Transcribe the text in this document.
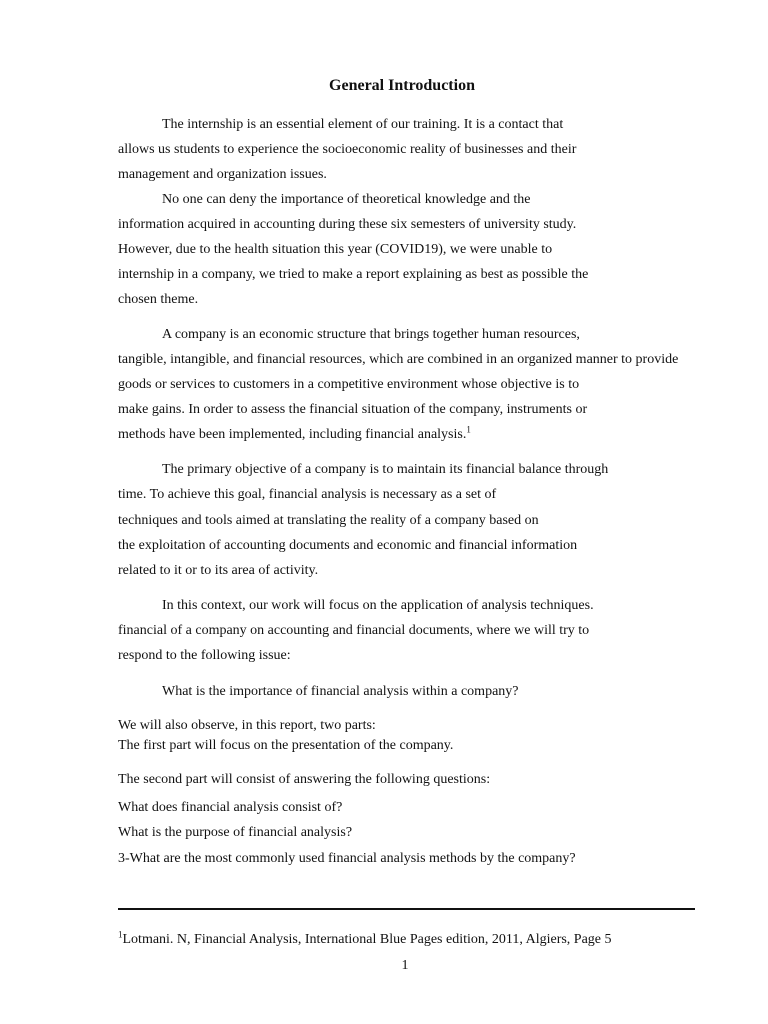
General Introduction
The internship is an essential element of our training. It is a contact that
allows us students to experience the socioeconomic reality of businesses and their
management and organization issues.
No one can deny the importance of theoretical knowledge and the
information acquired in accounting during these six semesters of university study.
However, due to the health situation this year (COVID19), we were unable to
internship in a company, we tried to make a report explaining as best as possible the
chosen theme.
A company is an economic structure that brings together human resources,
tangible, intangible, and financial resources, which are combined in an organized manner to provide
goods or services to customers in a competitive environment whose objective is to
make gains. In order to assess the financial situation of the company, instruments or
methods have been implemented, including financial analysis.$^1$
The primary objective of a company is to maintain its financial balance through
time. To achieve this goal, financial analysis is necessary as a set of
techniques and tools aimed at translating the reality of a company based on
the exploitation of accounting documents and economic and financial information
related to it or to its area of activity.
In this context, our work will focus on the application of analysis techniques.
financial of a company on accounting and financial documents, where we will try to
respond to the following issue:
What is the importance of financial analysis within a company?
We will also observe, in this report, two parts:
The first part will focus on the presentation of the company.
The second part will consist of answering the following questions:
What does financial analysis consist of?
What is the purpose of financial analysis?
3-What are the most commonly used financial analysis methods by the company?
$^1$Lotmani. N, Financial Analysis, International Blue Pages edition, 2011, Algiers, Page 5
1
